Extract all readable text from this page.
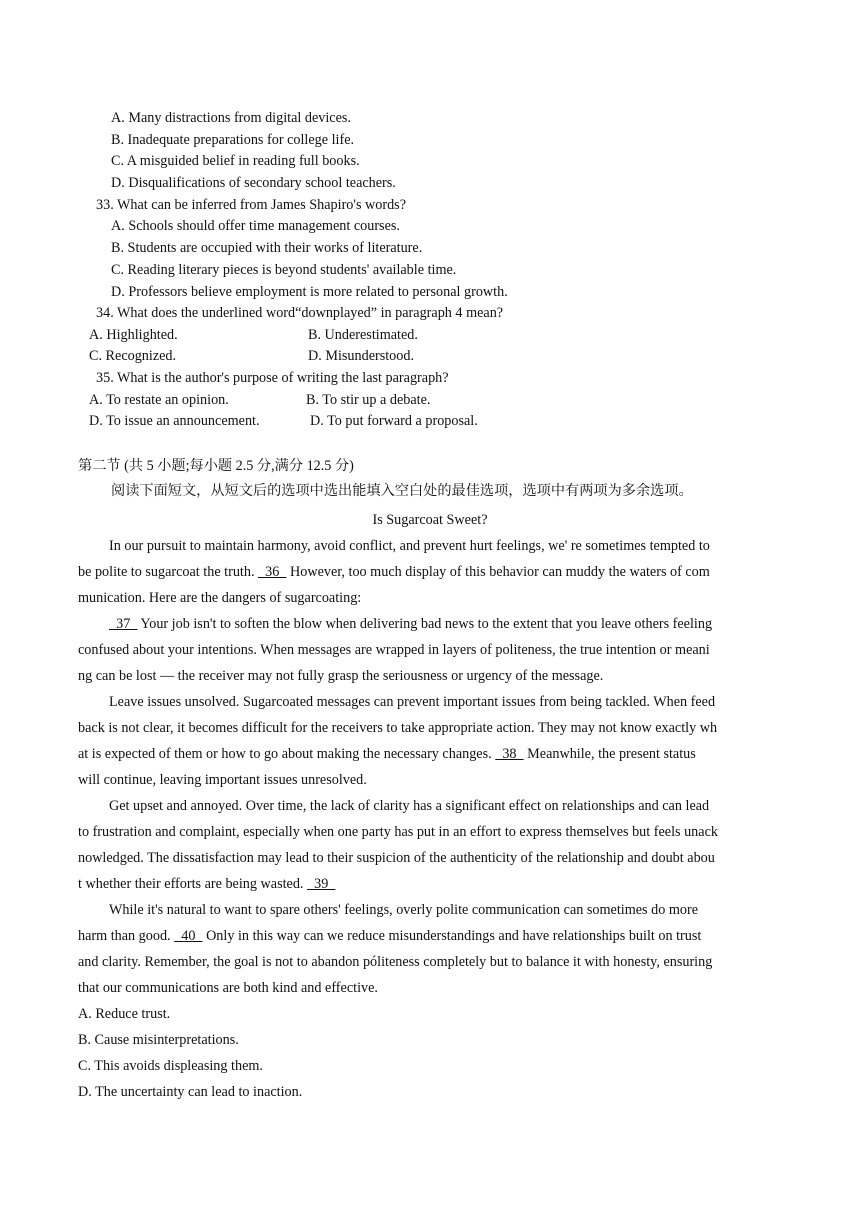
A. Many distractions from digital devices.
B. Inadequate preparations for college life.
C. A misguided belief in reading full books.
D. Disqualifications of secondary school teachers.
33. What can be inferred from James Shapiro's words?
A. Schools should offer time management courses.
B. Students are occupied with their works of literature.
C. Reading literary pieces is beyond students' available time.
D. Professors believe employment is more related to personal growth.
34. What does the underlined word“downplayed” in paragraph 4 mean?
A. Highlighted.	B. Underestimated.
C. Recognized.	D. Misunderstood.
35. What is the author's purpose of writing the last paragraph?
A. To restate an opinion.	B. To stir up a debate.
D. To issue an announcement.	D. To put forward a proposal.
第二节 (共 5 小题;每小题 2.5 分,满分 12.5 分)
阅读下面短文，从短文后的选项中选出能填入空白处的最佳选项，选项中有两项为多余选项。
Is Sugarcoat Sweet?
In our pursuit to maintain harmony, avoid conflict, and prevent hurt feelings, we' re sometimes tempted to
be polite to sugarcoat the truth.   36   However, too much display of this behavior can muddy the waters of com
munication. Here are the dangers of sugarcoating:
37   Your job isn't to soften the blow when delivering bad news to the extent that you leave others feeling
confused about your intentions. When messages are wrapped in layers of politeness, the true intention or meani
ng can be lost — the receiver may not fully grasp the seriousness or urgency of the message.
Leave issues unsolved. Sugarcoated messages can prevent important issues from being tackled. When feed
back is not clear, it becomes difficult for the receivers to take appropriate action. They may not know exactly wh
at is expected of them or how to go about making the necessary changes.   38   Meanwhile, the present status
will continue, leaving important issues unresolved.
Get upset and annoyed. Over time, the lack of clarity has a significant effect on relationships and can lead
to frustration and complaint, especially when one party has put in an effort to express themselves but feels unack
nowledged. The dissatisfaction may lead to their suspicion of the authenticity of the relationship and doubt abou
t whether their efforts are being wasted.   39
While it's natural to want to spare others' feelings, overly polite communication can sometimes do more
harm than good.   40   Only in this way can we reduce misunderstandings and have relationships built on trust
and clarity. Remember, the goal is not to abandon póliteness completely but to balance it with honesty, ensuring
that our communications are both kind and effective.
A. Reduce trust.
B. Cause misinterpretations.
C. This avoids displeasing them.
D. The uncertainty can lead to inaction.
